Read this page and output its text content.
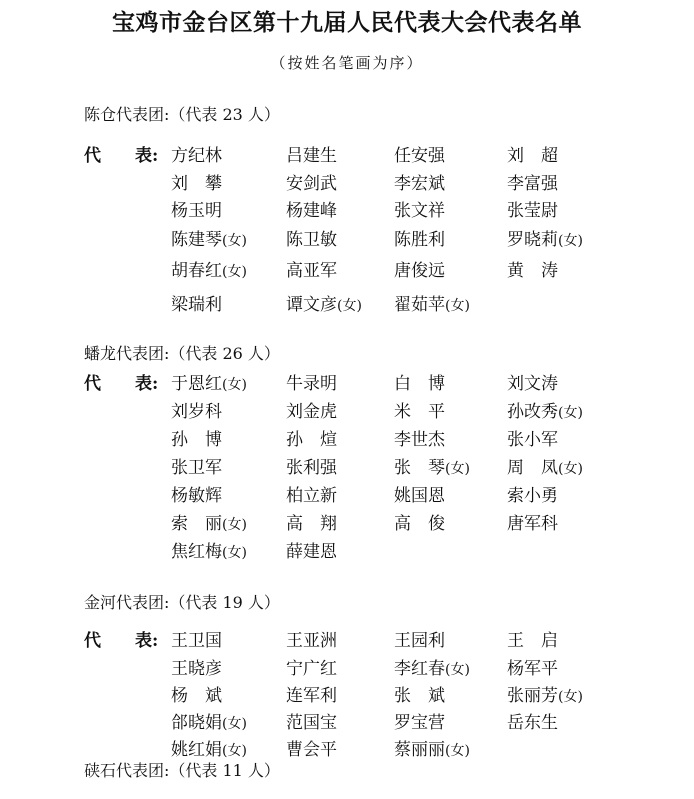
宝鸡市金台区第十九届人民代表大会代表名单
（按姓名笔画为序）
陈仓代表团:（代表 23 人）
代 表: 方纪林	吕建生	任安强	刘　超
刘　攀	安剑武	李宏斌	李富强
杨玉明	杨建峰	张文祥	张莹尉
陈建琴(女) 陈卫敏	陈胜利	罗晓莉(女)
胡春红(女) 高亚军	唐俊远	黄　涛
梁瑞利	谭文彦(女) 翟茹苹(女)
蟠龙代表团:（代表 26 人）
代 表: 于恩红(女) 牛录明	白　博	刘文涛
刘岁科	刘金虎	米　平	孙改秀(女)
孙　博	孙　煊	李世杰	张小军
张卫军	张利强	张　琴(女) 周　凤(女)
杨敏辉	柏立新	姚国恩	索小勇
索　丽(女) 高　翔	高　俊	唐军科
焦红梅(女) 薛建恩
金河代表团:（代表 19 人）
代 表: 王卫国	王亚洲	王园利	王　启
王晓彦	宁广红	李红春(女) 杨军平
杨　斌	连军利	张　斌	张丽芳(女)
郃晓娟(女) 范国宝	罗宝营	岳东生
姚红娟(女) 曹会平	蔡丽丽(女)
硖石代表团:（代表 11 人）
